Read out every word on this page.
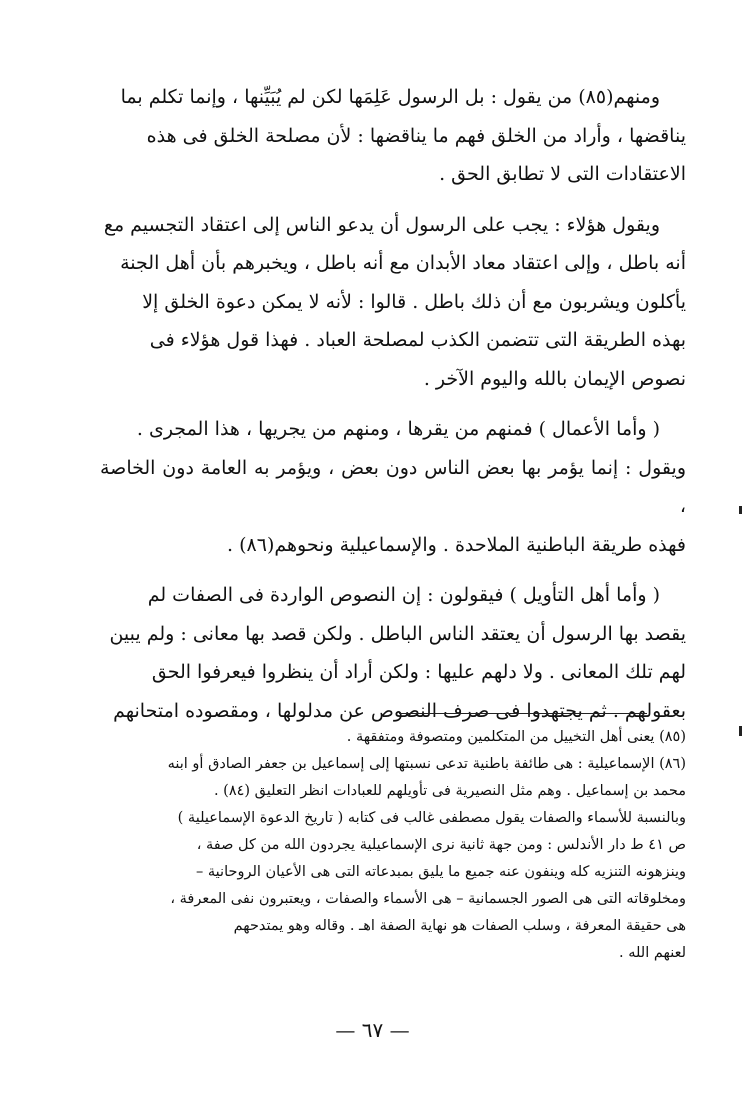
ومنهم(٨٥) من يقول : بل الرسول عَلِمَها لكن لم يُبَيِّنها ، وإنما تكلم بما

يناقضها ، وأراد من الخلق فهم ما يناقضها : لأن مصلحة الخلق فى هذه

الاعتقادات التى لا تطابق الحق .

ويقول هؤلاء : يجب على الرسول أن يدعو الناس إلى اعتقاد التجسيم مع

أنه باطل ، وإلى اعتقاد معاد الأبدان مع أنه باطل ، ويخبرهم بأن أهل الجنة

يأكلون ويشربون مع أن ذلك باطل . قالوا : لأنه لا يمكن دعوة الخلق إلا

بهذه الطريقة التى تتضمن الكذب لمصلحة العباد . فهذا قول هؤلاء فى

نصوص الإيمان بالله واليوم الآخر .

( وأما الأعمال ) فمنهم من يقرها ، ومنهم من يجريها ، هذا المجرى .

ويقول : إنما يؤمر بها بعض الناس دون بعض ، ويؤمر به العامة دون الخاصة ،

فهذه طريقة الباطنية الملاحدة . والإسماعيلية ونحوهم(٨٦) .

( وأما أهل التأويل ) فيقولون : إن النصوص الواردة فى الصفات لم

يقصد بها الرسول أن يعتقد الناس الباطل . ولكن قصد بها معانى : ولم يبين

لهم تلك المعانى . ولا دلهم عليها : ولكن أراد أن ينظروا فيعرفوا الحق

بعقولهم . ثم يجتهدوا فى صرف النصوص عن مدلولها ، ومقصوده امتحانهم

(٨٥) يعنى أهل التخييل من المتكلمين ومتصوفة ومتفقهة .

(٨٦) الإسماعيلية : هى طائفة باطنية تدعى نسبتها إلى إسماعيل بن جعفر الصادق أو ابنه

محمد بن إسماعيل . وهم مثل النصيرية فى تأويلهم للعبادات انظر التعليق (٨٤) .

وبالنسبة للأسماء والصفات يقول مصطفى غالب فى كتابه ( تاريخ الدعوة الإسماعيلية )

ص ٤١ ط دار الأندلس : ومن جهة ثانية نرى الإسماعيلية يجردون الله من كل صفة ،

وينزهونه التنزيه كله وينفون عنه جميع ما يليق بمبدعاته التى هى الأعيان الروحانية –

ومخلوقاته التى هى الصور الجسمانية – هى الأسماء والصفات ، ويعتبرون نفى المعرفة ،

هى حقيقة المعرفة ، وسلب الصفات هو نهاية الصفة اهـ . وقاله وهو يمتدحهم

لعنهم الله .

— ٦٧ —
